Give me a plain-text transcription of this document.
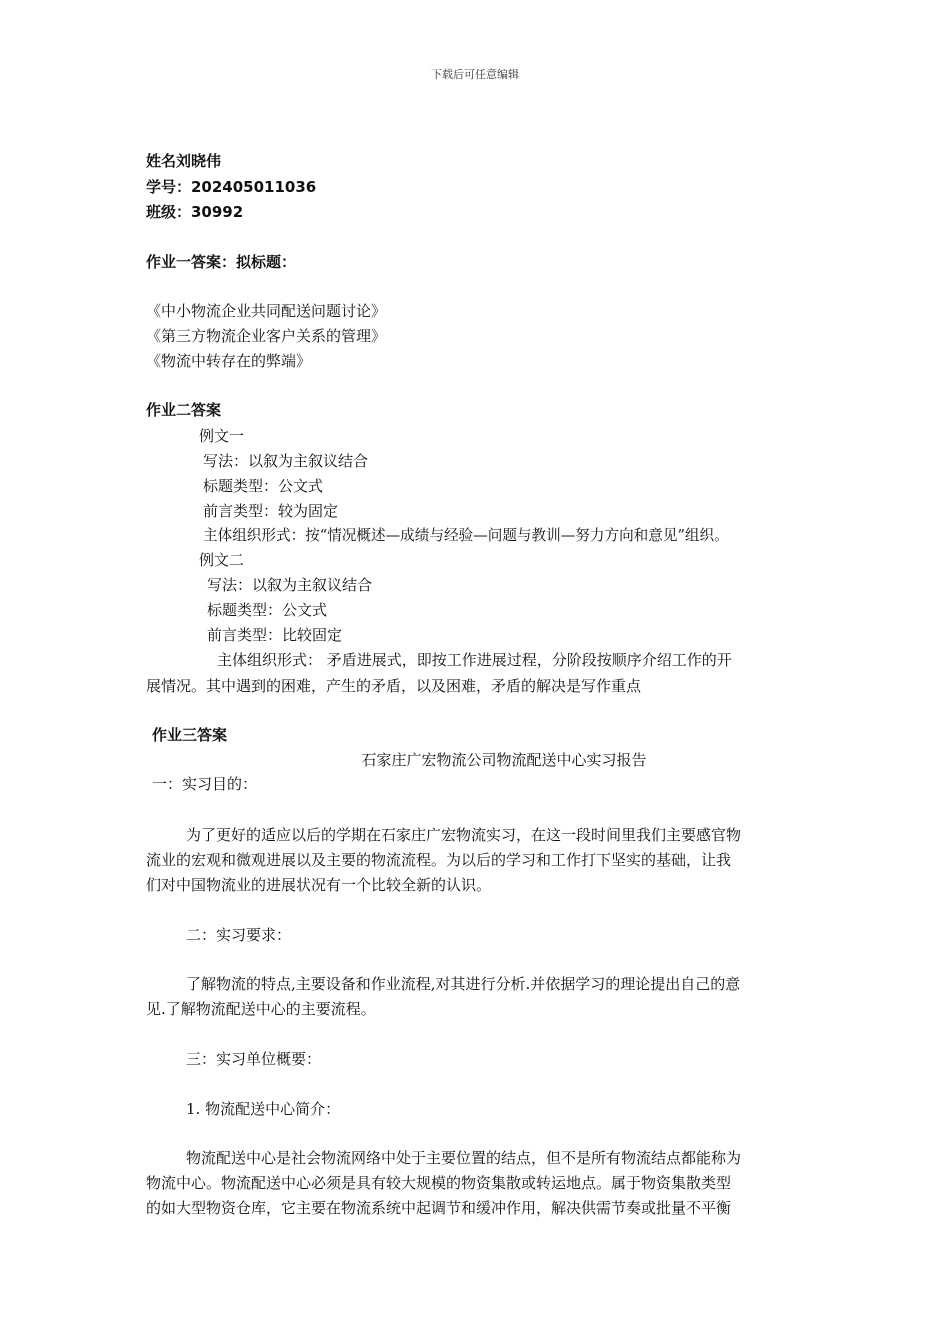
下载后可任意编辑
姓名刘晓伟
学号：202405011036
班级：30992
作业一答案：拟标题：
《中小物流企业共同配送问题讨论》
《第三方物流企业客户关系的管理》
《物流中转存在的弊端》
作业二答案
例文一
写法：以叙为主叙议结合
标题类型：公文式
前言类型：较为固定
主体组织形式：按“情况概述—成绩与经验—问题与教训—努力方向和意见”组织。
例文二
写法：以叙为主叙议结合
标题类型：公文式
前言类型：比较固定
主体组织形式： 矛盾进展式，即按工作进展过程，分阶段按顺序介绍工作的开
展情况。其中遇到的困难，产生的矛盾，以及困难，矛盾的解决是写作重点
作业三答案
石家庄广宏物流公司物流配送中心实习报告
一：实习目的：
为了更好的适应以后的学期在石家庄广宏物流实习，在这一段时间里我们主要感官物
流业的宏观和微观进展以及主要的物流流程。为以后的学习和工作打下坚实的基础，让我
们对中国物流业的进展状况有一个比较全新的认识。
二：实习要求：
了解物流的特点,主要设备和作业流程,对其进行分析.并依据学习的理论提出自己的意
见.了解物流配送中心的主要流程。
三：实习单位概要：
1. 物流配送中心简介：
物流配送中心是社会物流网络中处于主要位置的结点，但不是所有物流结点都能称为
物流中心。物流配送中心必须是具有较大规模的物资集散或转运地点。属于物资集散类型
的如大型物资仓库，它主要在物流系统中起调节和缓冲作用，解决供需节奏或批量不平衡
